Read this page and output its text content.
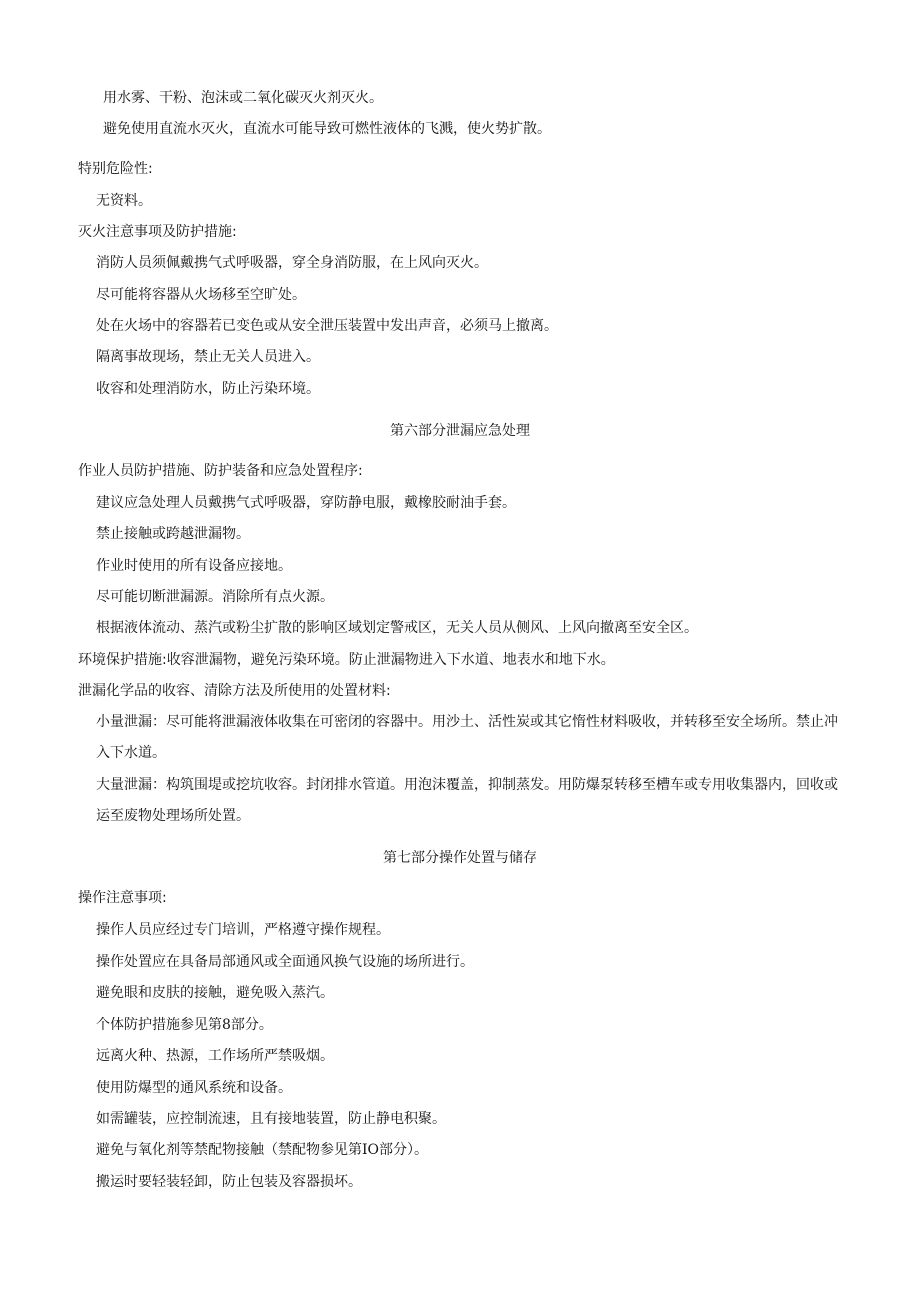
用水雾、干粉、泡沫或二氧化碳灭火剂灭火。
避免使用直流水灭火，直流水可能导致可燃性液体的飞溅，使火势扩散。
特别危险性:
无资料。
灭火注意事项及防护措施:
消防人员须佩戴携气式呼吸器，穿全身消防服，在上风向灭火。
尽可能将容器从火场移至空旷处。
处在火场中的容器若已变色或从安全泄压装置中发出声音，必须马上撤离。
隔离事故现场，禁止无关人员进入。
收容和处理消防水，防止污染环境。
第六部分泄漏应急处理
作业人员防护措施、防护装备和应急处置程序:
建议应急处理人员戴携气式呼吸器，穿防静电服，戴橡胶耐油手套。
禁止接触或跨越泄漏物。
作业时使用的所有设备应接地。
尽可能切断泄漏源。消除所有点火源。
根据液体流动、蒸汽或粉尘扩散的影响区域划定警戒区，无关人员从侧风、上风向撤离至安全区。
环境保护措施:收容泄漏物，避免污染环境。防止泄漏物进入下水道、地表水和地下水。
泄漏化学品的收容、清除方法及所使用的处置材料:
小量泄漏：尽可能将泄漏液体收集在可密闭的容器中。用沙土、活性炭或其它惰性材料吸收，并转移至安全场所。禁止冲入下水道。
大量泄漏：构筑围堤或挖坑收容。封闭排水管道。用泡沫覆盖，抑制蒸发。用防爆泵转移至槽车或专用收集器内，回收或运至废物处理场所处置。
第七部分操作处置与储存
操作注意事项:
操作人员应经过专门培训，严格遵守操作规程。
操作处置应在具备局部通风或全面通风换气设施的场所进行。
避免眼和皮肤的接触，避免吸入蒸汽。
个体防护措施参见第8部分。
远离火种、热源，工作场所严禁吸烟。
使用防爆型的通风系统和设备。
如需罐装，应控制流速，且有接地装置，防止静电积聚。
避免与氧化剂等禁配物接触（禁配物参见第IO部分）。
搬运时要轻装轻卸，防止包装及容器损坏。
